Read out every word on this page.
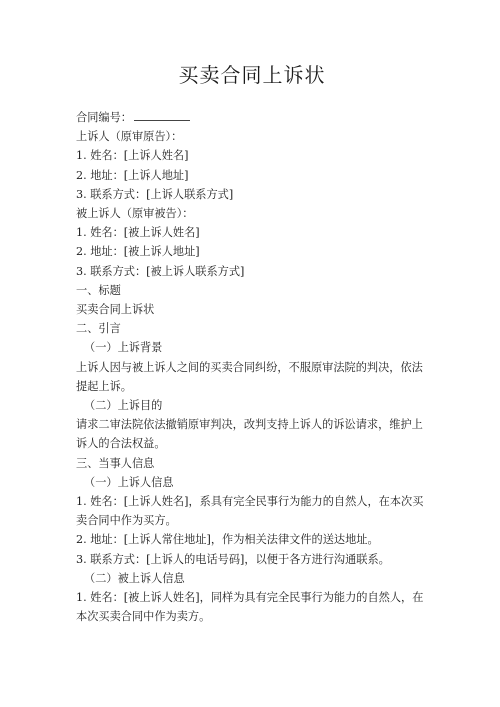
买卖合同上诉状

合同编号：

上诉人（原审原告）：

1. 姓名：[上诉人姓名]

2. 地址：[上诉人地址]

3. 联系方式：[上诉人联系方式]

被上诉人（原审被告）：

1. 姓名：[被上诉人姓名]

2. 地址：[被上诉人地址]

3. 联系方式：[被上诉人联系方式]

一、标题

买卖合同上诉状

二、引言

（一）上诉背景

上诉人因与被上诉人之间的买卖合同纠纷，不服原审法院的判决，依法提起上诉。

（二）上诉目的

请求二审法院依法撤销原审判决，改判支持上诉人的诉讼请求，维护上诉人的合法权益。

三、当事人信息

（一）上诉人信息

1. 姓名：[上诉人姓名]，系具有完全民事行为能力的自然人，在本次买卖合同中作为买方。

2. 地址：[上诉人常住地址]，作为相关法律文件的送达地址。

3. 联系方式：[上诉人的电话号码]，以便于各方进行沟通联系。

（二）被上诉人信息

1. 姓名：[被上诉人姓名]，同样为具有完全民事行为能力的自然人，在本次买卖合同中作为卖方。
